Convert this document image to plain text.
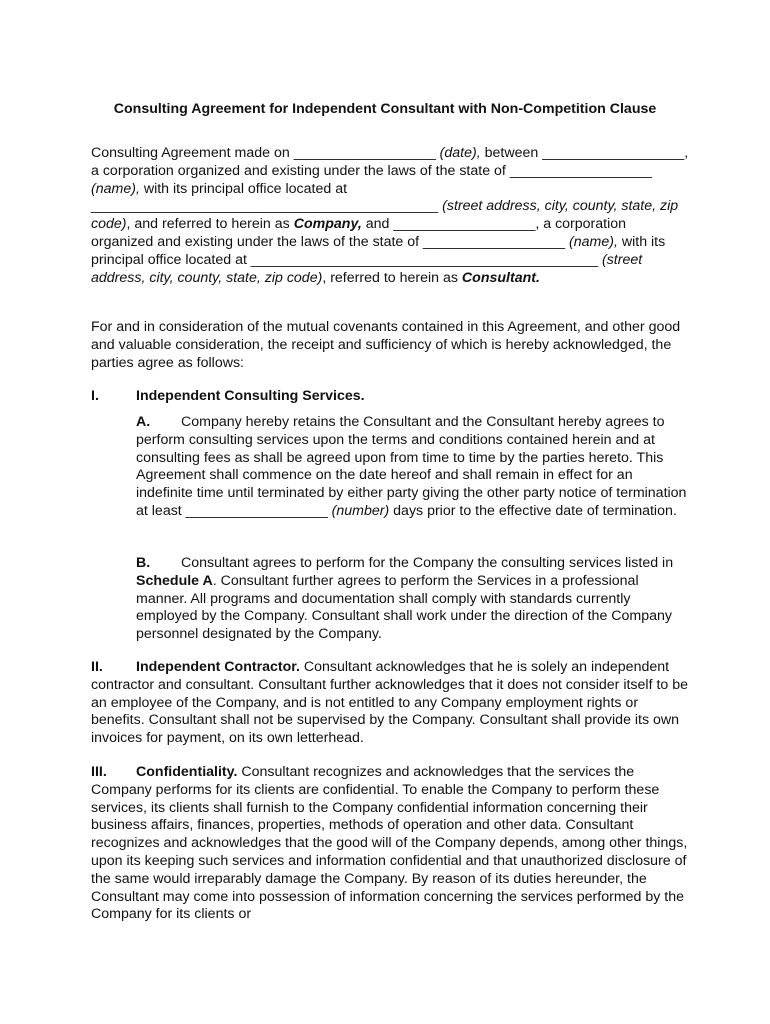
Consulting Agreement for Independent Consultant with Non-Competition Clause
Consulting Agreement made on __________________ (date), between __________________, a corporation organized and existing under the laws of the state of __________________ (name), with its principal office located at ____________________________________________ (street address, city, county, state, zip code), and referred to herein as Company, and __________________, a corporation organized and existing under the laws of the state of __________________ (name), with its principal office located at ____________________________________________ (street address, city, county, state, zip code), referred to herein as Consultant.
For and in consideration of the mutual covenants contained in this Agreement, and other good and valuable consideration, the receipt and sufficiency of which is hereby acknowledged, the parties agree as follows:
I.	Independent Consulting Services.
A. Company hereby retains the Consultant and the Consultant hereby agrees to perform consulting services upon the terms and conditions contained herein and at consulting fees as shall be agreed upon from time to time by the parties hereto. This Agreement shall commence on the date hereof and shall remain in effect for an indefinite time until terminated by either party giving the other party notice of termination at least __________________ (number) days prior to the effective date of termination.
B. Consultant agrees to perform for the Company the consulting services listed in Schedule A. Consultant further agrees to perform the Services in a professional manner. All programs and documentation shall comply with standards currently employed by the Company. Consultant shall work under the direction of the Company personnel designated by the Company.
II. Independent Contractor. Consultant acknowledges that he is solely an independent contractor and consultant. Consultant further acknowledges that it does not consider itself to be an employee of the Company, and is not entitled to any Company employment rights or benefits. Consultant shall not be supervised by the Company. Consultant shall provide its own invoices for payment, on its own letterhead.
III. Confidentiality. Consultant recognizes and acknowledges that the services the Company performs for its clients are confidential. To enable the Company to perform these services, its clients shall furnish to the Company confidential information concerning their business affairs, finances, properties, methods of operation and other data. Consultant recognizes and acknowledges that the good will of the Company depends, among other things, upon its keeping such services and information confidential and that unauthorized disclosure of the same would irreparably damage the Company. By reason of its duties hereunder, the Consultant may come into possession of information concerning the services performed by the Company for its clients or
